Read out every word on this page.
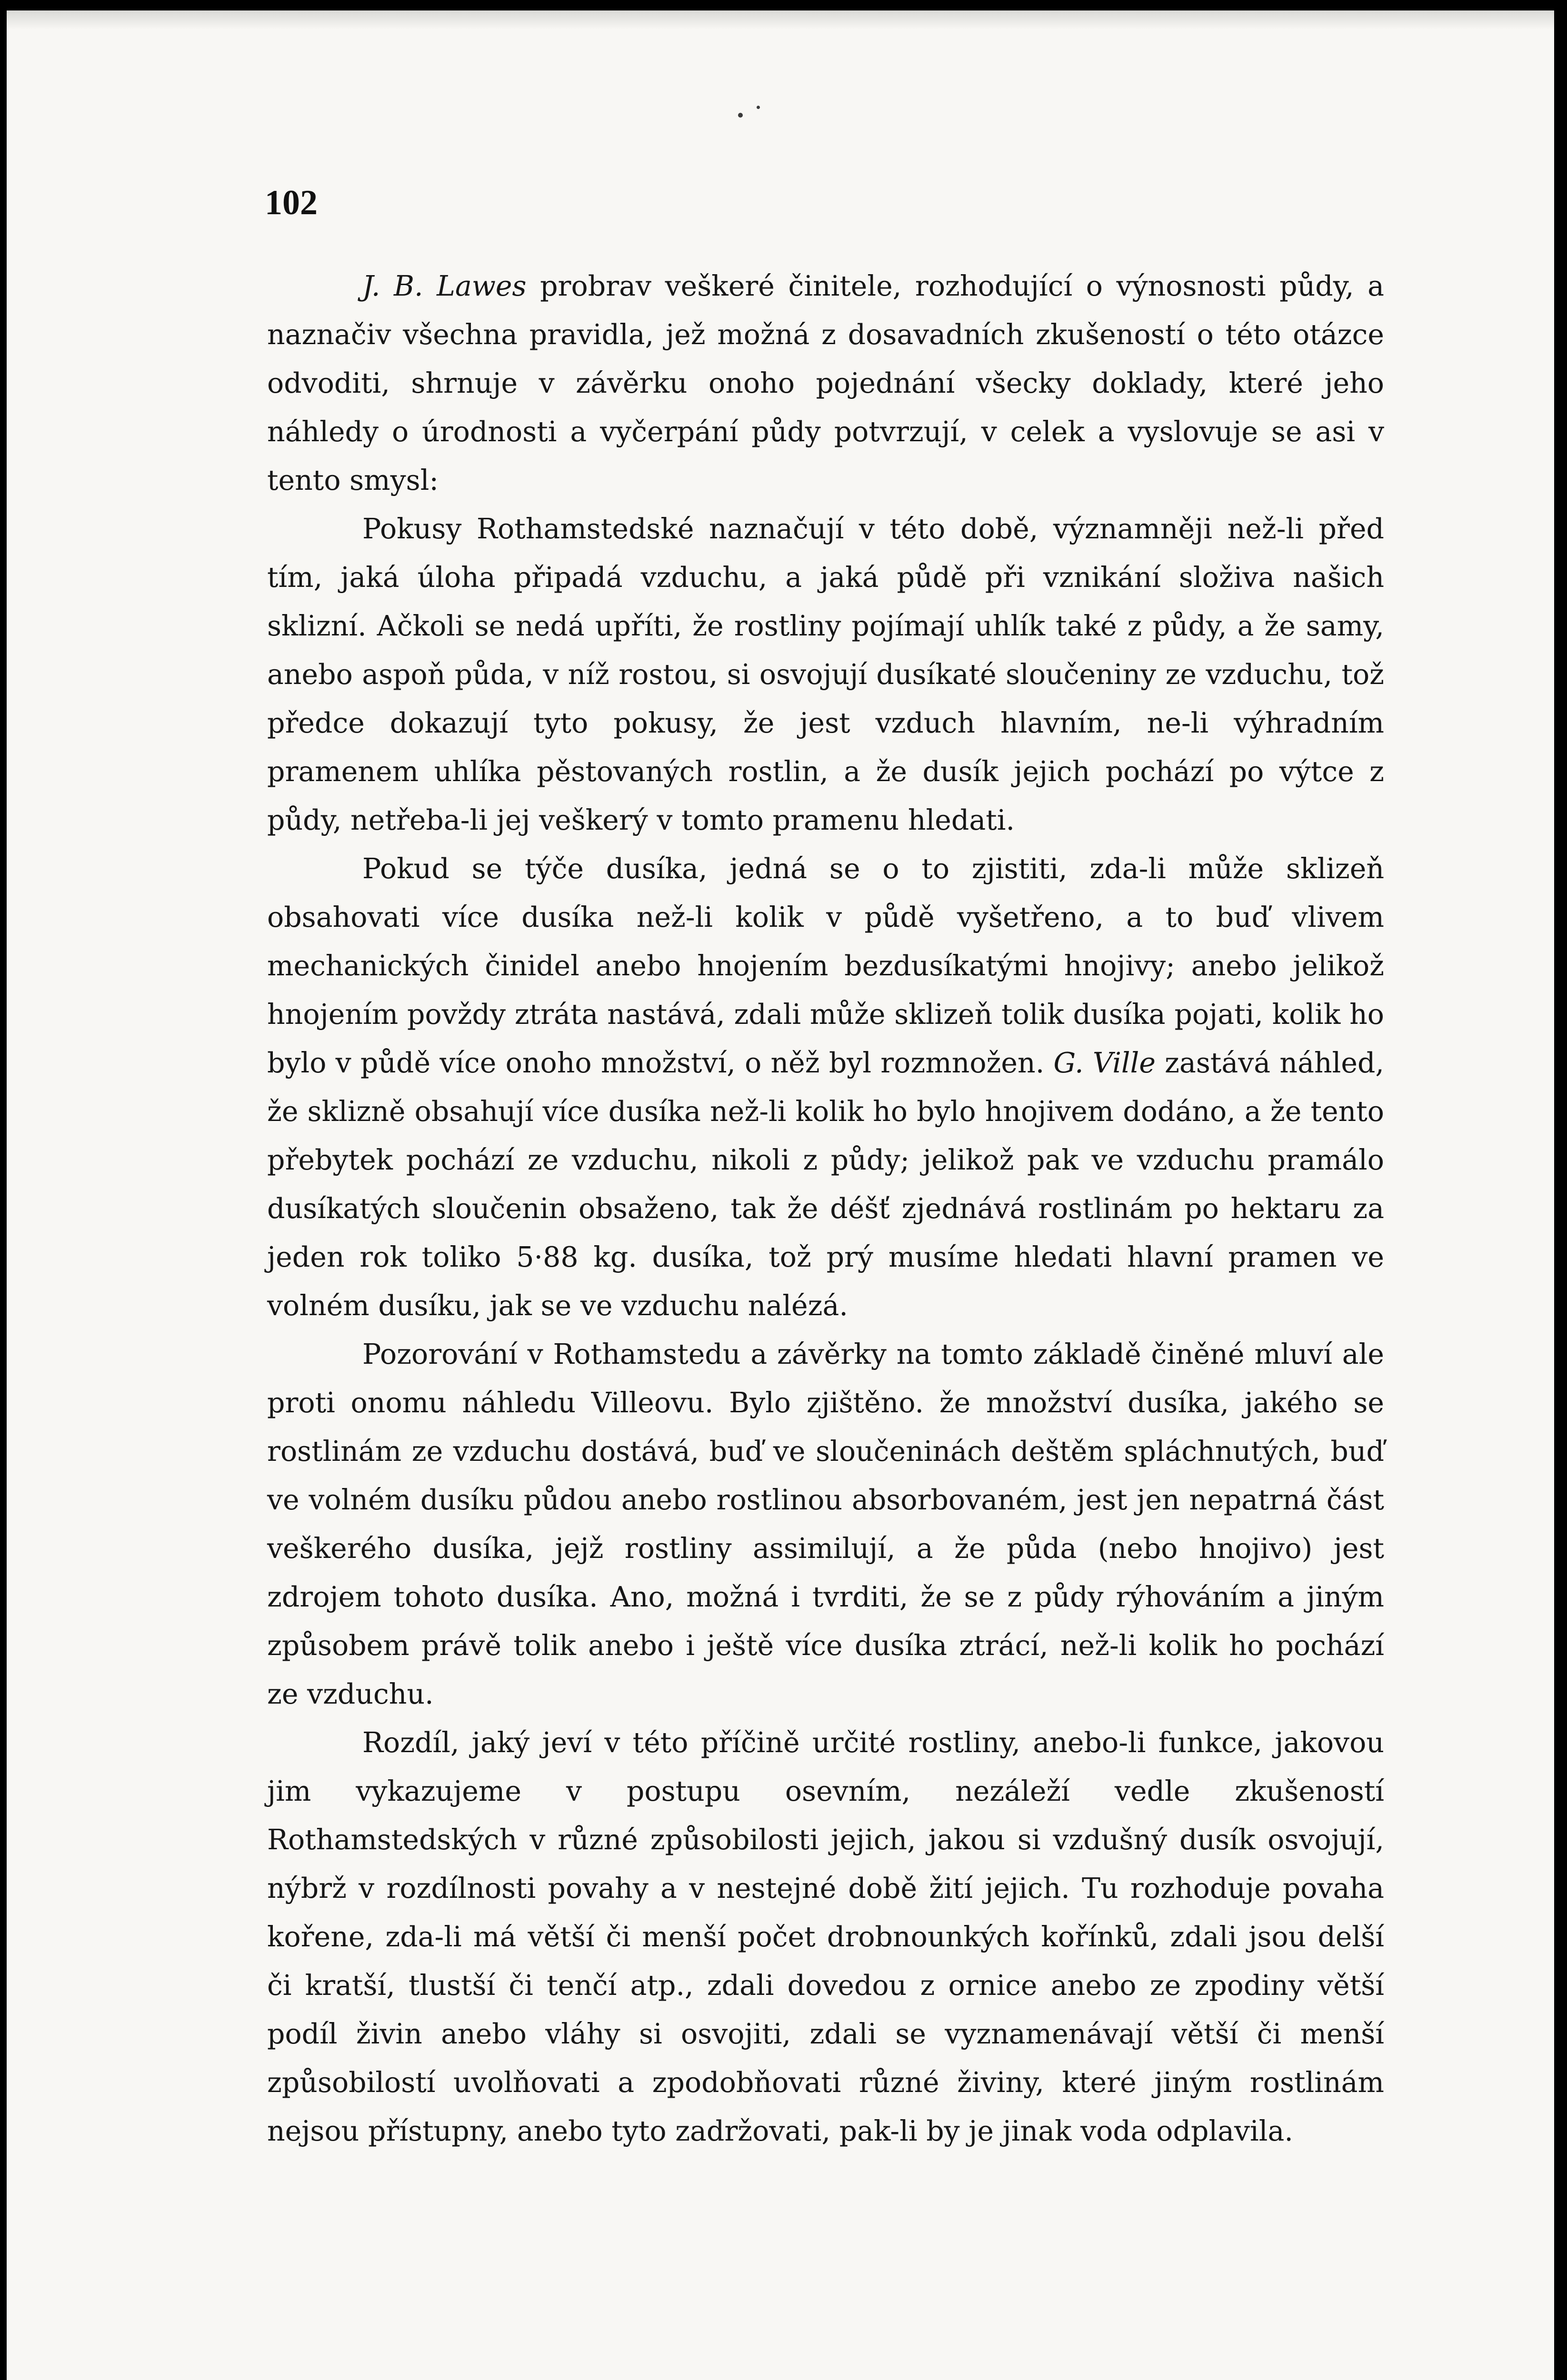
102

J. B. Lawes probrav veškeré činitele, rozhodující o výnosnosti půdy, a naznačiv všechna pravidla, jež možná z dosavadních zkušeností o této otázce odvoditi, shrnuje v závěrku onoho pojednání všecky doklady, které jeho náhledy o úrodnosti a vyčerpání půdy potvrzují, v celek a vyslovuje se asi v tento smysl:

Pokusy Rothamstedské naznačují v této době, významněji než-li před tím, jaká úloha připadá vzduchu, a jaká půdě při vznikání složiva našich sklizní. Ačkoli se nedá upříti, že rostliny pojímají uhlík také z půdy, a že samy, anebo aspoň půda, v níž rostou, si osvojují dusíkaté sloučeniny ze vzduchu, tož předce dokazují tyto pokusy, že jest vzduch hlavním, ne-li výhradním pramenem uhlíka pěstovaných rostlin, a že dusík jejich pochází po výtce z půdy, netřeba-li jej veškerý v tomto pramenu hledati.

Pokud se týče dusíka, jedná se o to zjistiti, zda-li může sklizeň obsahovati více dusíka než-li kolik v půdě vyšetřeno, a to buď vlivem mechanických činidel anebo hnojením bezdusíkatými hnojivy; anebo jelikož hnojením povždy ztráta nastává, zdali může sklizeň tolik dusíka pojati, kolik ho bylo v půdě více onoho množství, o něž byl rozmnožen. G. Ville zastává náhled, že sklizně obsahují více dusíka než-li kolik ho bylo hnojivem dodáno, a že tento přebytek pochází ze vzduchu, nikoli z půdy; jelikož pak ve vzduchu pramálo dusíkatých sloučenin obsaženo, tak že déšť zjednává rostlinám po hektaru za jeden rok toliko 5·88 kg. dusíka, tož prý musíme hledati hlavní pramen ve volném dusíku, jak se ve vzduchu nalézá.

Pozorování v Rothamstedu a závěrky na tomto základě činěné mluví ale proti onomu náhledu Villeovu. Bylo zjištěno. že množství dusíka, jakého se rostlinám ze vzduchu dostává, buď ve sloučeninách deštěm spláchnutých, buď ve volném dusíku půdou anebo rostlinou absorbovaném, jest jen nepatrná část veškerého dusíka, jejž rostliny assimilují, a že půda (nebo hnojivo) jest zdrojem tohoto dusíka. Ano, možná i tvrditi, že se z půdy rýhováním a jiným způsobem právě tolik anebo i ještě více dusíka ztrácí, než-li kolik ho pochází ze vzduchu.

Rozdíl, jaký jeví v této příčině určité rostliny, anebo-li funkce, jakovou jim vykazujeme v postupu osevním, nezáleží vedle zkušeností Rothamstedských v různé způsobilosti jejich, jakou si vzdušný dusík osvojují, nýbrž v rozdílnosti povahy a v nestejné době žití jejich. Tu rozhoduje povaha kořene, zda-li má větší či menší počet drobnounkých kořínků, zdali jsou delší či kratší, tlustší či tenčí atp., zdali dovedou z ornice anebo ze zpodiny větší podíl živin anebo vláhy si osvojiti, zdali se vyznamenávají větší či menší způsobilostí uvolňovati a zpodobňovati různé živiny, které jiným rostlinám nejsou přístupny, anebo tyto zadržovati, pak-li by je jinak voda odplavila.
